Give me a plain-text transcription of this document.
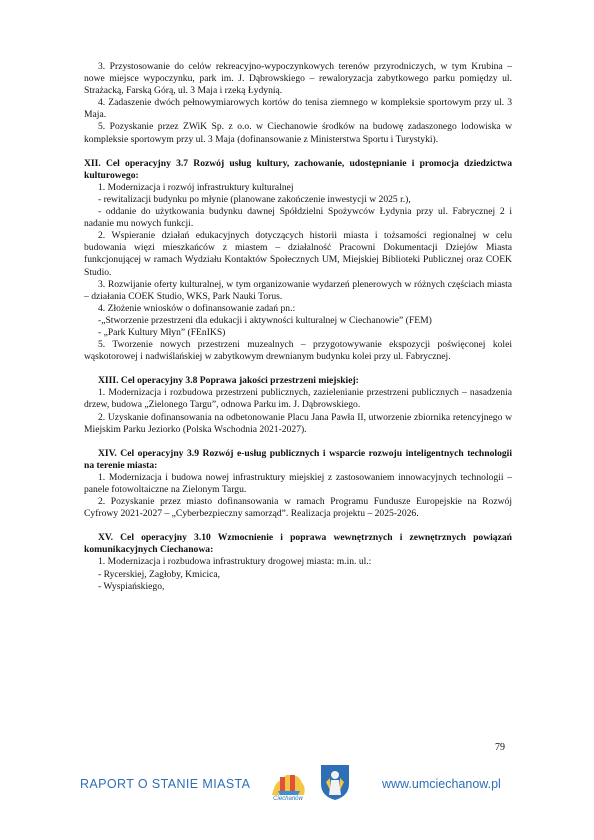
3. Przystosowanie do celów rekreacyjno-wypoczynkowych terenów przyrodniczych, w tym Krubina – nowe miejsce wypoczynku, park im. J. Dąbrowskiego – rewaloryzacja zabytkowego parku pomiędzy ul. Strażacką, Farską Górą, ul. 3 Maja i rzeką Łydynią.

4. Zadaszenie dwóch pełnowymiarowych kortów do tenisa ziemnego w kompleksie sportowym przy ul. 3 Maja.

5. Pozyskanie przez ZWiK Sp. z o.o. w Ciechanowie środków na budowę zadaszonego lodowiska w kompleksie sportowym przy ul. 3 Maja (dofinansowanie z Ministerstwa Sportu i Turystyki).

XII. Cel operacyjny 3.7 Rozwój usług kultury, zachowanie, udostępnianie i promocja dziedzictwa kulturowego:

1. Modernizacja i rozwój infrastruktury kulturalnej

- rewitalizacji budynku po młynie (planowane zakończenie inwestycji w 2025 r.),

- oddanie do użytkowania budynku dawnej Spółdzielni Spożywców Łydynia przy ul. Fabrycznej 2 i nadanie mu nowych funkcji.

2. Wspieranie działań edukacyjnych dotyczących historii miasta i tożsamości regionalnej w celu budowania więzi mieszkańców z miastem – działalność Pracowni Dokumentacji Dziejów Miasta funkcjonującej w ramach Wydziału Kontaktów Społecznych UM, Miejskiej Biblioteki Publicznej oraz COEK Studio.

3. Rozwijanie oferty kulturalnej, w tym organizowanie wydarzeń plenerowych w różnych częściach miasta – działania COEK Studio, WKS, Park Nauki Torus.

4. Złożenie wniosków o dofinansowanie zadań pn.:

-„Stworzenie przestrzeni dla edukacji i aktywności kulturalnej w Ciechanowie” (FEM)

- „Park Kultury Młyn” (FEnIKS)

5. Tworzenie nowych przestrzeni muzealnych – przygotowywanie ekspozycji poświęconej kolei wąskotorowej i nadwiślańskiej w zabytkowym drewnianym budynku kolei przy ul. Fabrycznej.

XIII. Cel operacyjny 3.8 Poprawa jakości przestrzeni miejskiej:

1. Modernizacja i rozbudowa przestrzeni publicznych, zazielenianie przestrzeni publicznych – nasadzenia drzew, budowa „Zielonego Targu”, odnowa Parku im. J. Dąbrowskiego.

2. Uzyskanie dofinansowania na odbetonowanie Placu Jana Pawła II, utworzenie zbiornika retencyjnego w Miejskim Parku Jeziorko (Polska Wschodnia 2021-2027).

XIV. Cel operacyjny 3.9 Rozwój e-usług publicznych i wsparcie rozwoju inteligentnych technologii na terenie miasta:

1. Modernizacja i budowa nowej infrastruktury miejskiej z zastosowaniem innowacyjnych technologii – panele fotowoltaiczne na Zielonym Targu.

2. Pozyskanie przez miasto dofinansowania w ramach Programu Fundusze Europejskie na Rozwój Cyfrowy 2021-2027 – „Cyberbezpieczny samorząd”. Realizacja projektu – 2025-2026.

XV. Cel operacyjny 3.10 Wzmocnienie i poprawa wewnętrznych i zewnętrznych powiązań komunikacyjnych Ciechanowa:

1. Modernizacja i rozbudowa infrastruktury drogowej miasta: m.in. ul.:

- Rycerskiej, Zagłoby, Kmicica,

- Wyspiańskiego,

79
RAPORT O STANIE MIASTA
Ciechanów
www.umciechanow.pl
